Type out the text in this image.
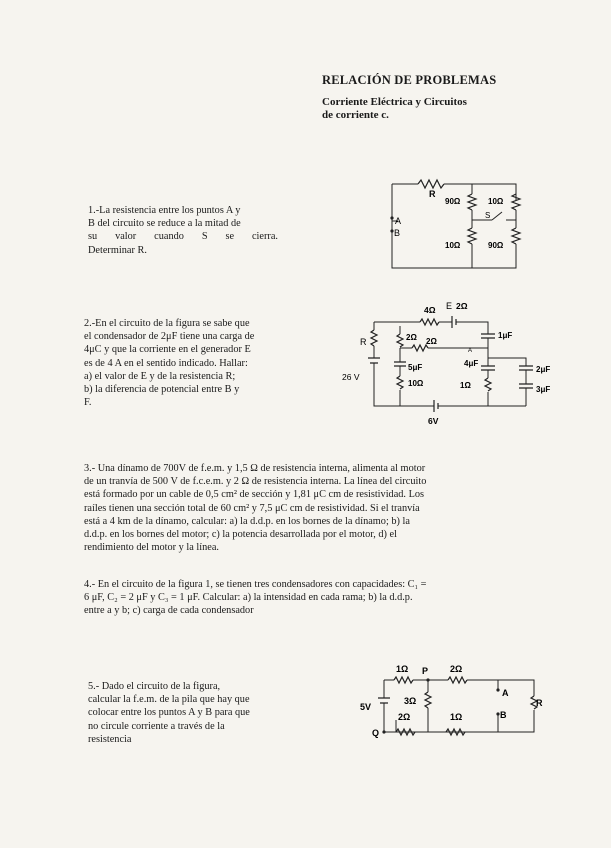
RELACIÓN DE PROBLEMAS
Corriente Eléctrica y Circuitos
de corriente c.

1.-La resistencia entre los puntos A y

B del circuito se reduce a la mitad de

su valor cuando S se cierra.

Determinar R.

2.-En el circuito de la figura se sabe que

el condensador de 2μF tiene una carga de

4μC y que la corriente en el generador E

es de 4 A en el sentido indicado. Hallar:

a) el valor de E y de la resistencia R;

b) la diferencia de potencial entre B y

F.

3.- Una dínamo de 700V de f.e.m. y 1,5 Ω de resistencia interna, alimenta al motor

de un tranvía de 500 V de f.c.e.m. y 2 Ω de resistencia interna. La línea del circuito

está formado por un cable de 0,5 cm² de sección y 1,81 μC cm de resistividad. Los

raíles tienen una sección total de 60 cm² y 7,5 μC cm de resistividad. Si el tranvía

está a 4 km de la dínamo, calcular: a) la d.d.p. en los bornes de la dínamo; b) la

d.d.p. en los bornes del motor; c) la potencia desarrollada por el motor, d) el

rendimiento del motor y la línea.

4.- En el circuito de la figura 1, se tienen tres condensadores con capacidades: C₁ =

6 μF, C₂ = 2 μF y C₃ = 1 μF. Calcular: a) la intensidad en cada rama; b) la d.d.p.

entre a y b; c) carga de cada condensador

5.- Dado el circuito de la figura,

calcular la f.e.m. de la pila que hay que

colocar entre los puntos A y B para que

no circule corriente a través de la

resistencia

R
A
B
90Ω	10Ω
10Ω	90Ω
S
4Ω E 2Ω
R	2Ω 2Ω
1μF
5μF
10Ω
4μF
1Ω
2μF
3μF
26 V
6V
A
1Ω P 2Ω
A
R
5V
3Ω
2Ω	1Ω	B
Q
